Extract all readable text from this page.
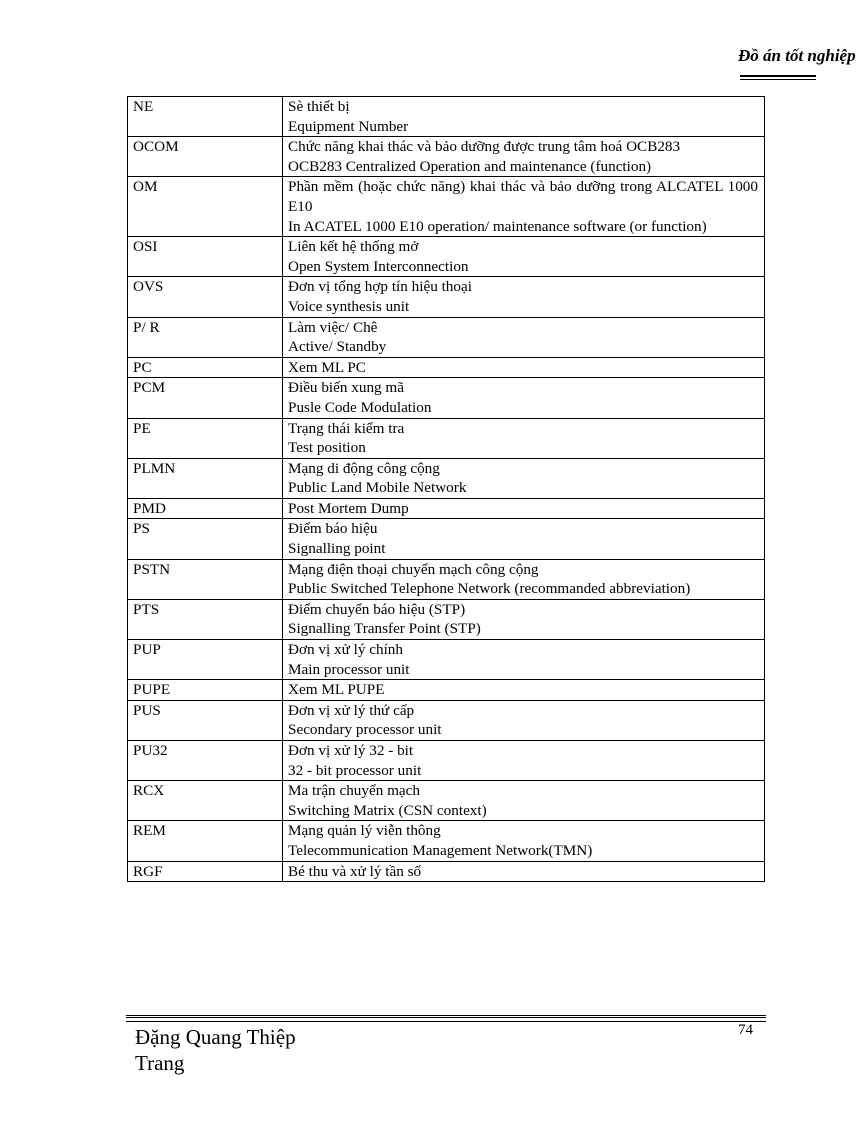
Đồ án tốt nghiệp
NE	Sè thiết bị
Equipment Number

OCOM	Chức năng khai thác và bảo dưỡng được trung tâm hoá OCB283
OCB283 Centralized Operation and maintenance (function)

OM	Phần mềm (hoặc chức năng) khai thác và bảo dưỡng trong ALCATEL 1000 E10
In ACATEL 1000 E10 operation/ maintenance software (or function)

OSI	Liên kết hệ thống mở
Open System Interconnection

OVS	Đơn vị tổng hợp tín hiệu thoại
Voice synthesis unit

P/ R	Làm việc/ Chê
Active/ Standby

PC	Xem ML PC

PCM	Điều biến xung mã
Pusle Code Modulation

PE	Trạng thái kiểm tra
Test position

PLMN	Mạng di động công cộng
Public Land Mobile Network

PMD	Post Mortem Dump

PS	Điểm báo hiệu
Signalling point

PSTN	Mạng điện thoại chuyển mạch công cộng
Public Switched Telephone Network (recommanded abbreviation)

PTS	Điểm chuyển báo hiệu (STP)
Signalling Transfer Point (STP)

PUP	Đơn vị xử lý chính
Main processor unit

PUPE	Xem ML PUPE

PUS	Đơn vị xử lý thứ cấp
Secondary processor unit

PU32	Đơn vị xử lý 32 - bit
32 - bit processor unit

RCX	Ma trận chuyển mạch
Switching Matrix (CSN context)

REM	Mạng quản lý viễn thông
Telecommunication Management Network(TMN)

RGF	Bé thu và xử lý tần số
Đặng Quang Thiệp
Trang
74
